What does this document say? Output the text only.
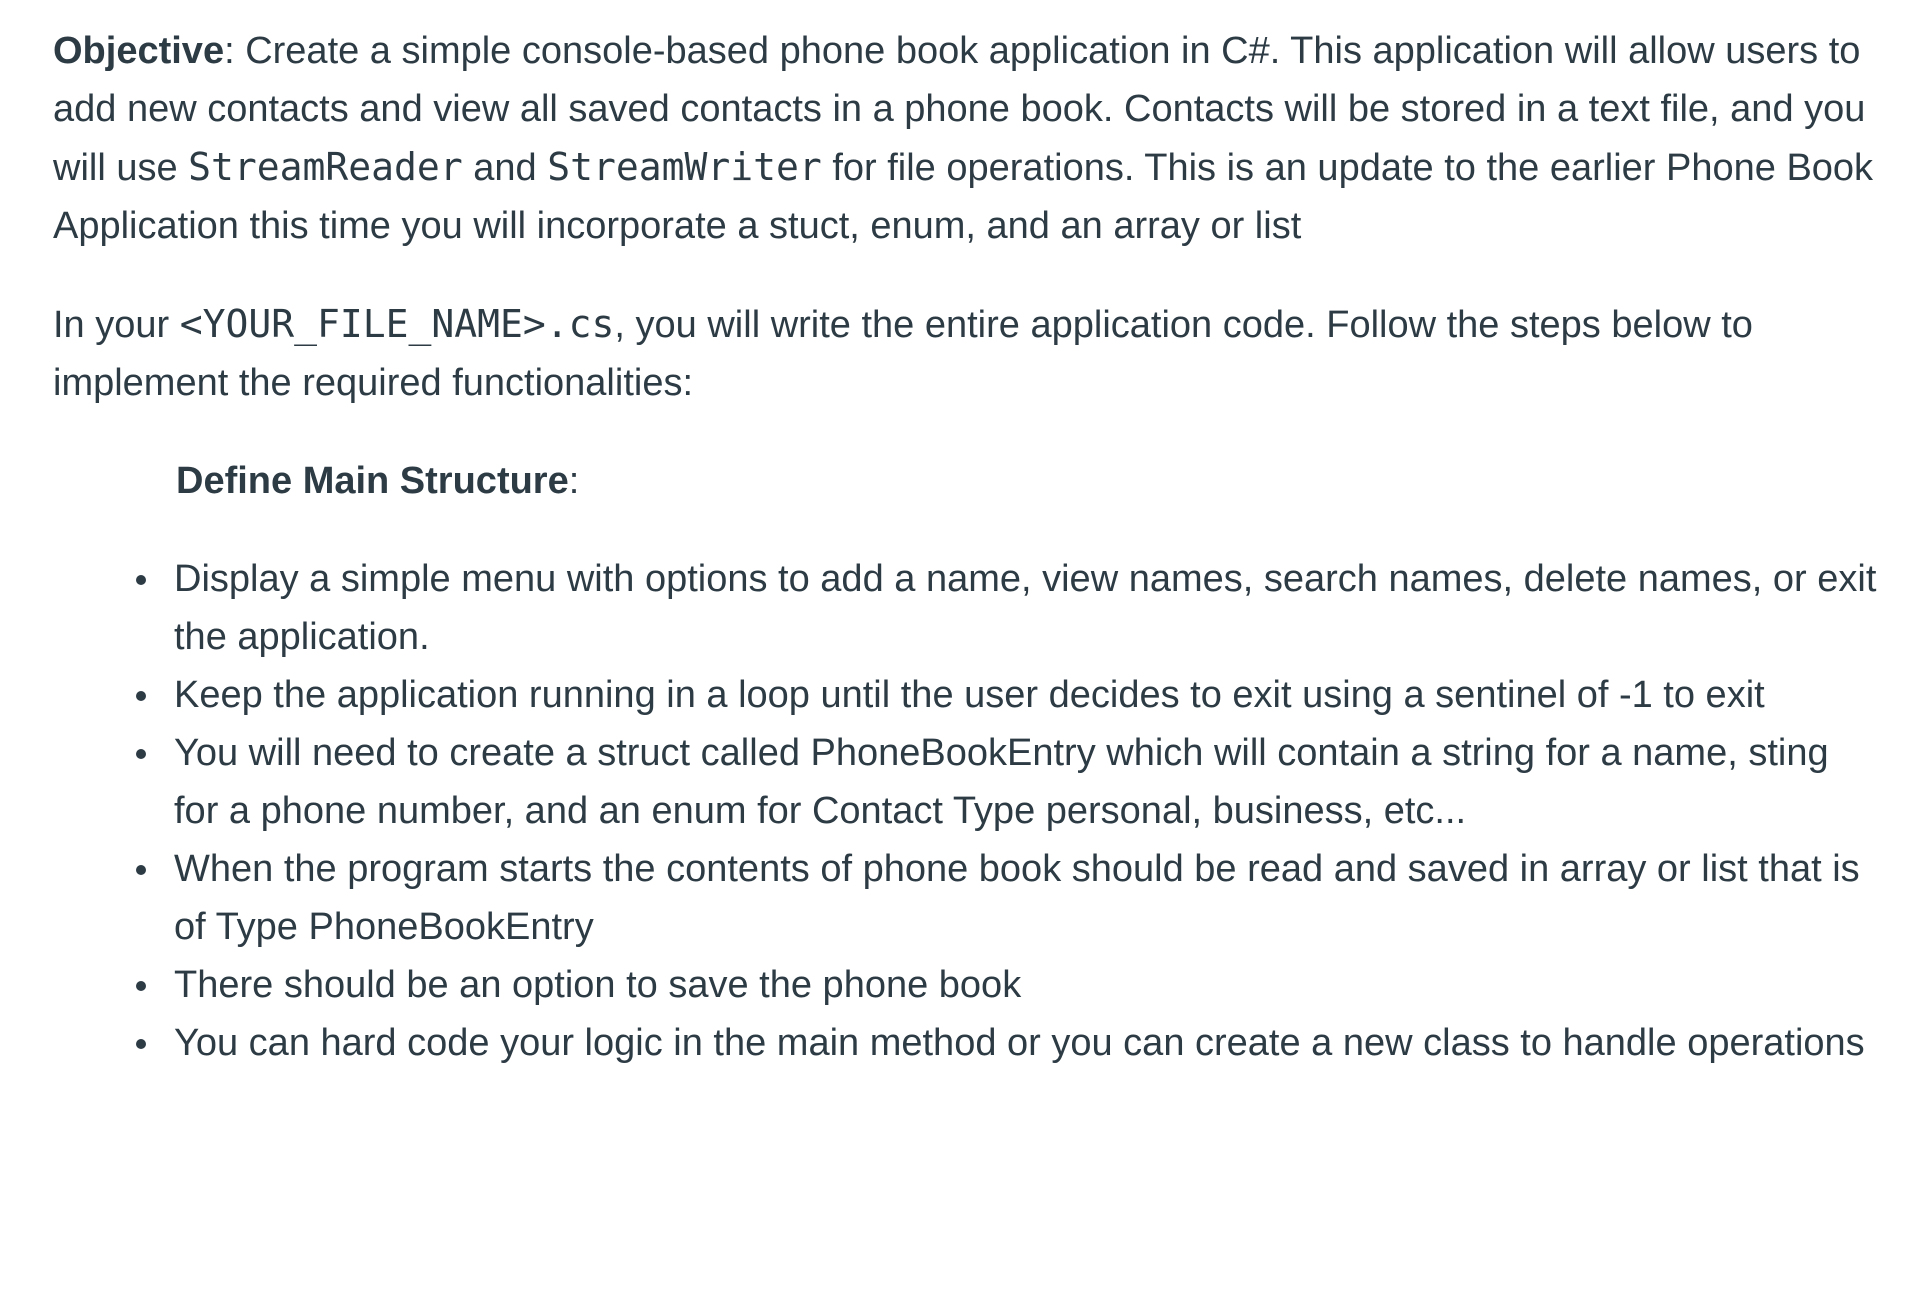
Objective: Create a simple console-based phone book application in C#. This application will allow users to add new contacts and view all saved contacts in a phone book. Contacts will be stored in a text file, and you will use StreamReader and StreamWriter for file operations. This is an update to the earlier Phone Book Application this time you will incorporate a stuct, enum, and an array or list

In your <YOUR_FILE_NAME>.cs, you will write the entire application code. Follow the steps below to implement the required functionalities:

Define Main Structure:

Display a simple menu with options to add a name, view names, search names, delete names, or exit the application.
Keep the application running in a loop until the user decides to exit using a sentinel of -1 to exit
You will need to create a struct called PhoneBookEntry which will contain a string for a name, sting for a phone number, and an enum for Contact Type personal, business, etc...
When the program starts the contents of phone book should be read and saved in array or list that is of Type PhoneBookEntry
There should be an option to save the phone book
You can hard code your logic in the main method or you can create a new class to handle operations
